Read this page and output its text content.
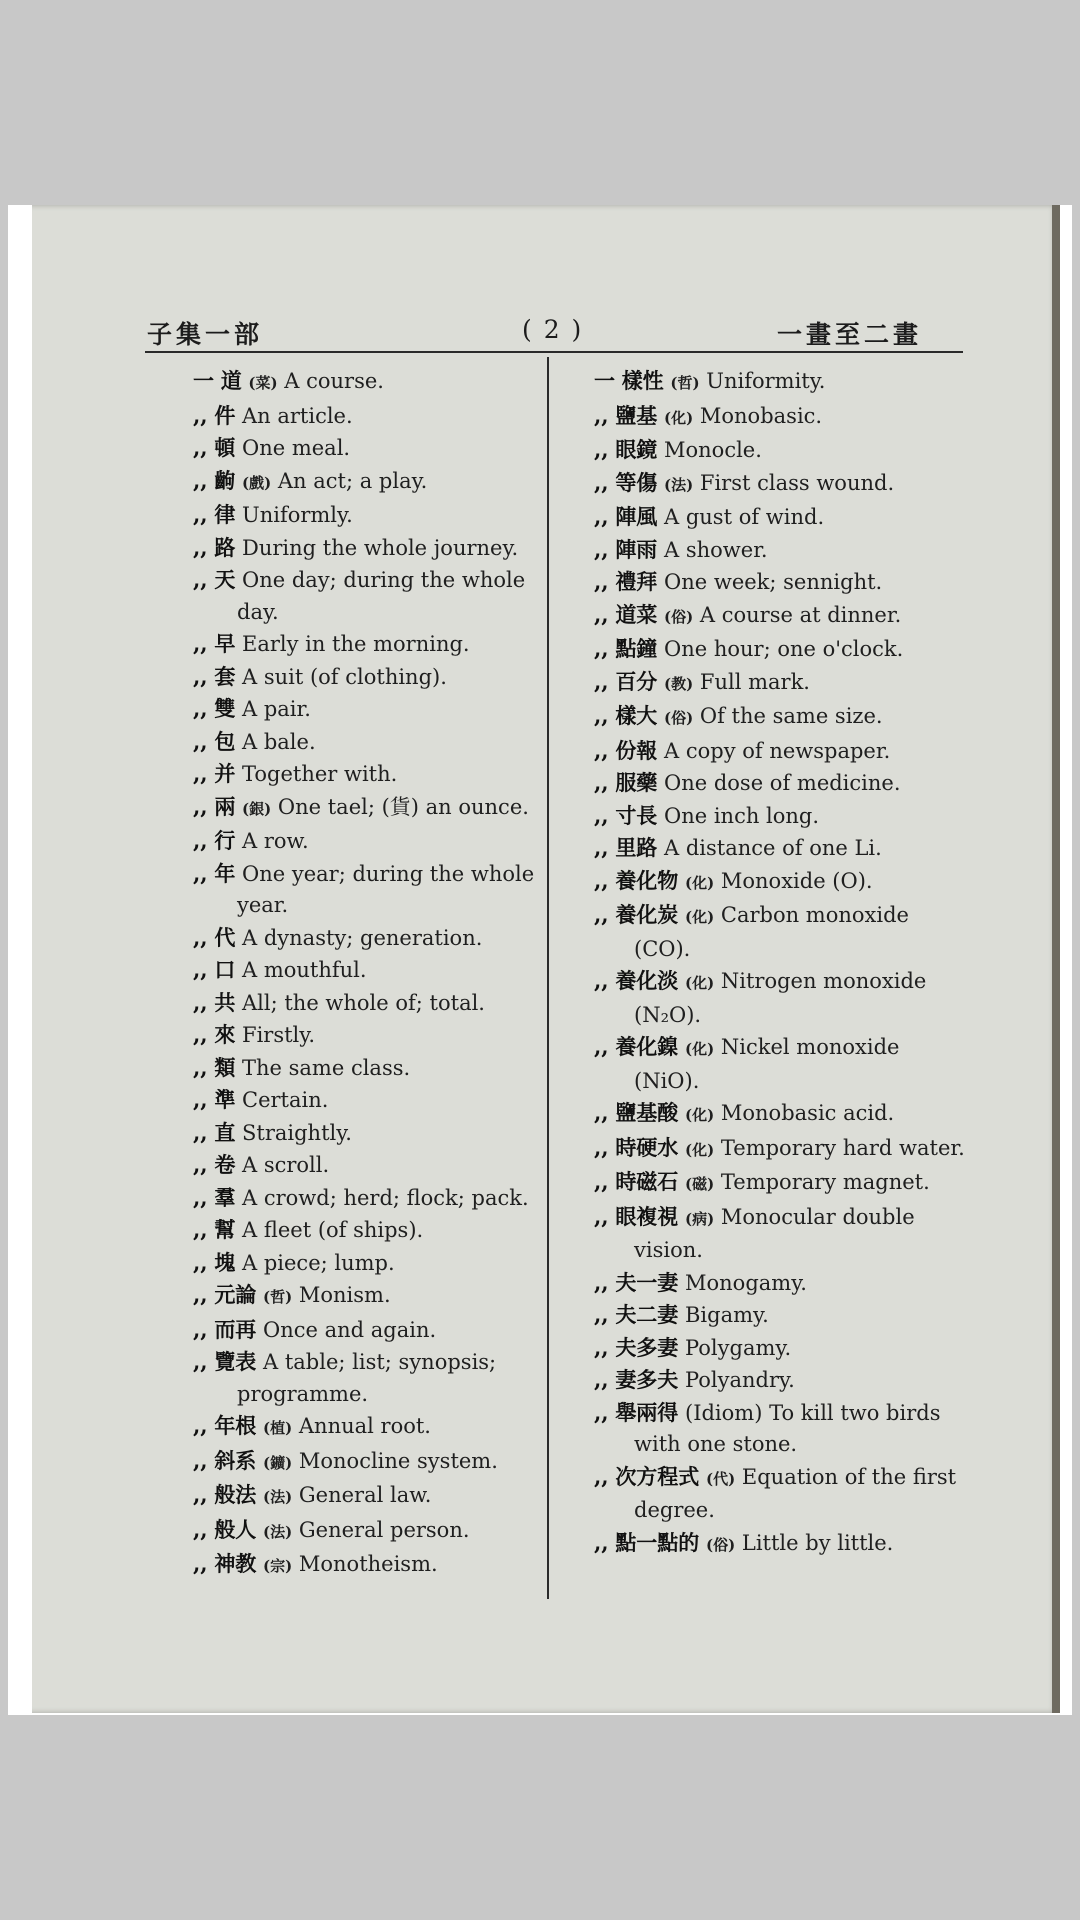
子集一部	( 2 )	一畫至二畫
一 道 (菜) A course.
,, 件 An article.
,, 頓 One meal.
,, 齣 (戲) An act; a play.
,, 律 Uniformly.
,, 路 During the whole journey.
,, 天 One day; during the whole day.
,, 早 Early in the morning.
,, 套 A suit (of clothing).
,, 雙 A pair.
,, 包 A bale.
,, 并 Together with.
,, 兩 (銀) One tael; (貨) an ounce.
,, 行 A row.
,, 年 One year; during the whole year.
,, 代 A dynasty; generation.
,, 口 A mouthful.
,, 共 All; the whole of; total.
,, 來 Firstly.
,, 類 The same class.
,, 準 Certain.
,, 直 Straightly.
,, 卷 A scroll.
,, 羣 A crowd; herd; flock; pack.
,, 幫 A fleet (of ships).
,, 塊 A piece; lump.
,, 元論 (哲) Monism.
,, 而再 Once and again.
,, 覽表 A table; list; synopsis; programme.
,, 年根 (植) Annual root.
,, 斜系 (鑛) Monocline system.
,, 般法 (法) General law.
,, 般人 (法) General person.
,, 神教 (宗) Monotheism.
一 樣性 (哲) Uniformity.
,, 鹽基 (化) Monobasic.
,, 眼鏡 Monocle.
,, 等傷 (法) First class wound.
,, 陣風 A gust of wind.
,, 陣雨 A shower.
,, 禮拜 One week; sennight.
,, 道菜 (俗) A course at dinner.
,, 點鐘 One hour; one o'clock.
,, 百分 (教) Full mark.
,, 樣大 (俗) Of the same size.
,, 份報 A copy of newspaper.
,, 服藥 One dose of medicine.
,, 寸長 One inch long.
,, 里路 A distance of one Li.
,, 養化物 (化) Monoxide (O).
,, 養化炭 (化) Carbon monoxide (CO).
,, 養化淡 (化) Nitrogen monoxide (N₂O).
,, 養化鎳 (化) Nickel monoxide (NiO).
,, 鹽基酸 (化) Monobasic acid.
,, 時硬水 (化) Temporary hard water.
,, 時磁石 (磁) Temporary magnet.
,, 眼複視 (病) Monocular double vision.
,, 夫一妻 Monogamy.
,, 夫二妻 Bigamy.
,, 夫多妻 Polygamy.
,, 妻多夫 Polyandry.
,, 舉兩得 (Idiom) To kill two birds with one stone.
,, 次方程式 (代) Equation of the first degree.
,, 點一點的 (俗) Little by little.
